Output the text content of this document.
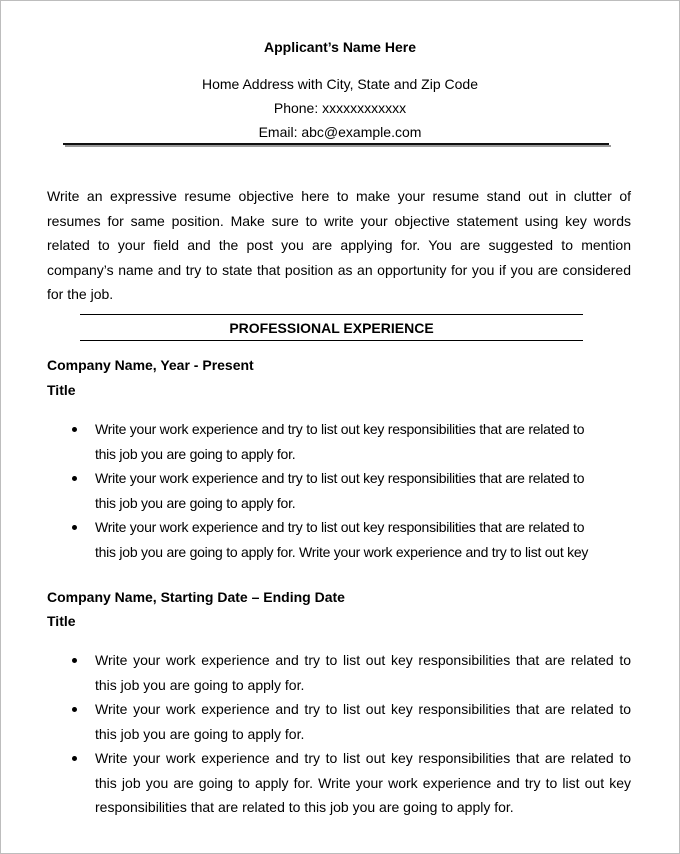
Applicant’s Name Here
Home Address with City, State and Zip Code
Phone: xxxxxxxxxxxx
Email: abc@example.com
Write an expressive resume objective here to make your resume stand out in clutter of resumes for same position. Make sure to write your objective statement using key words related to your field and the post you are applying for. You are suggested to mention company’s name and try to state that position as an opportunity for you if you are considered for the job.
PROFESSIONAL EXPERIENCE
Company Name, Year - Present
Title
Write your work experience and try to list out key responsibilities that are related to this job you are going to apply for.
Write your work experience and try to list out key responsibilities that are related to this job you are going to apply for.
Write your work experience and try to list out key responsibilities that are related to this job you are going to apply for. Write your work experience and try to list out key
Company Name, Starting Date – Ending Date
Title
Write your work experience and try to list out key responsibilities that are related to this job you are going to apply for.
Write your work experience and try to list out key responsibilities that are related to this job you are going to apply for.
Write your work experience and try to list out key responsibilities that are related to this job you are going to apply for. Write your work experience and try to list out key responsibilities that are related to this job you are going to apply for.
